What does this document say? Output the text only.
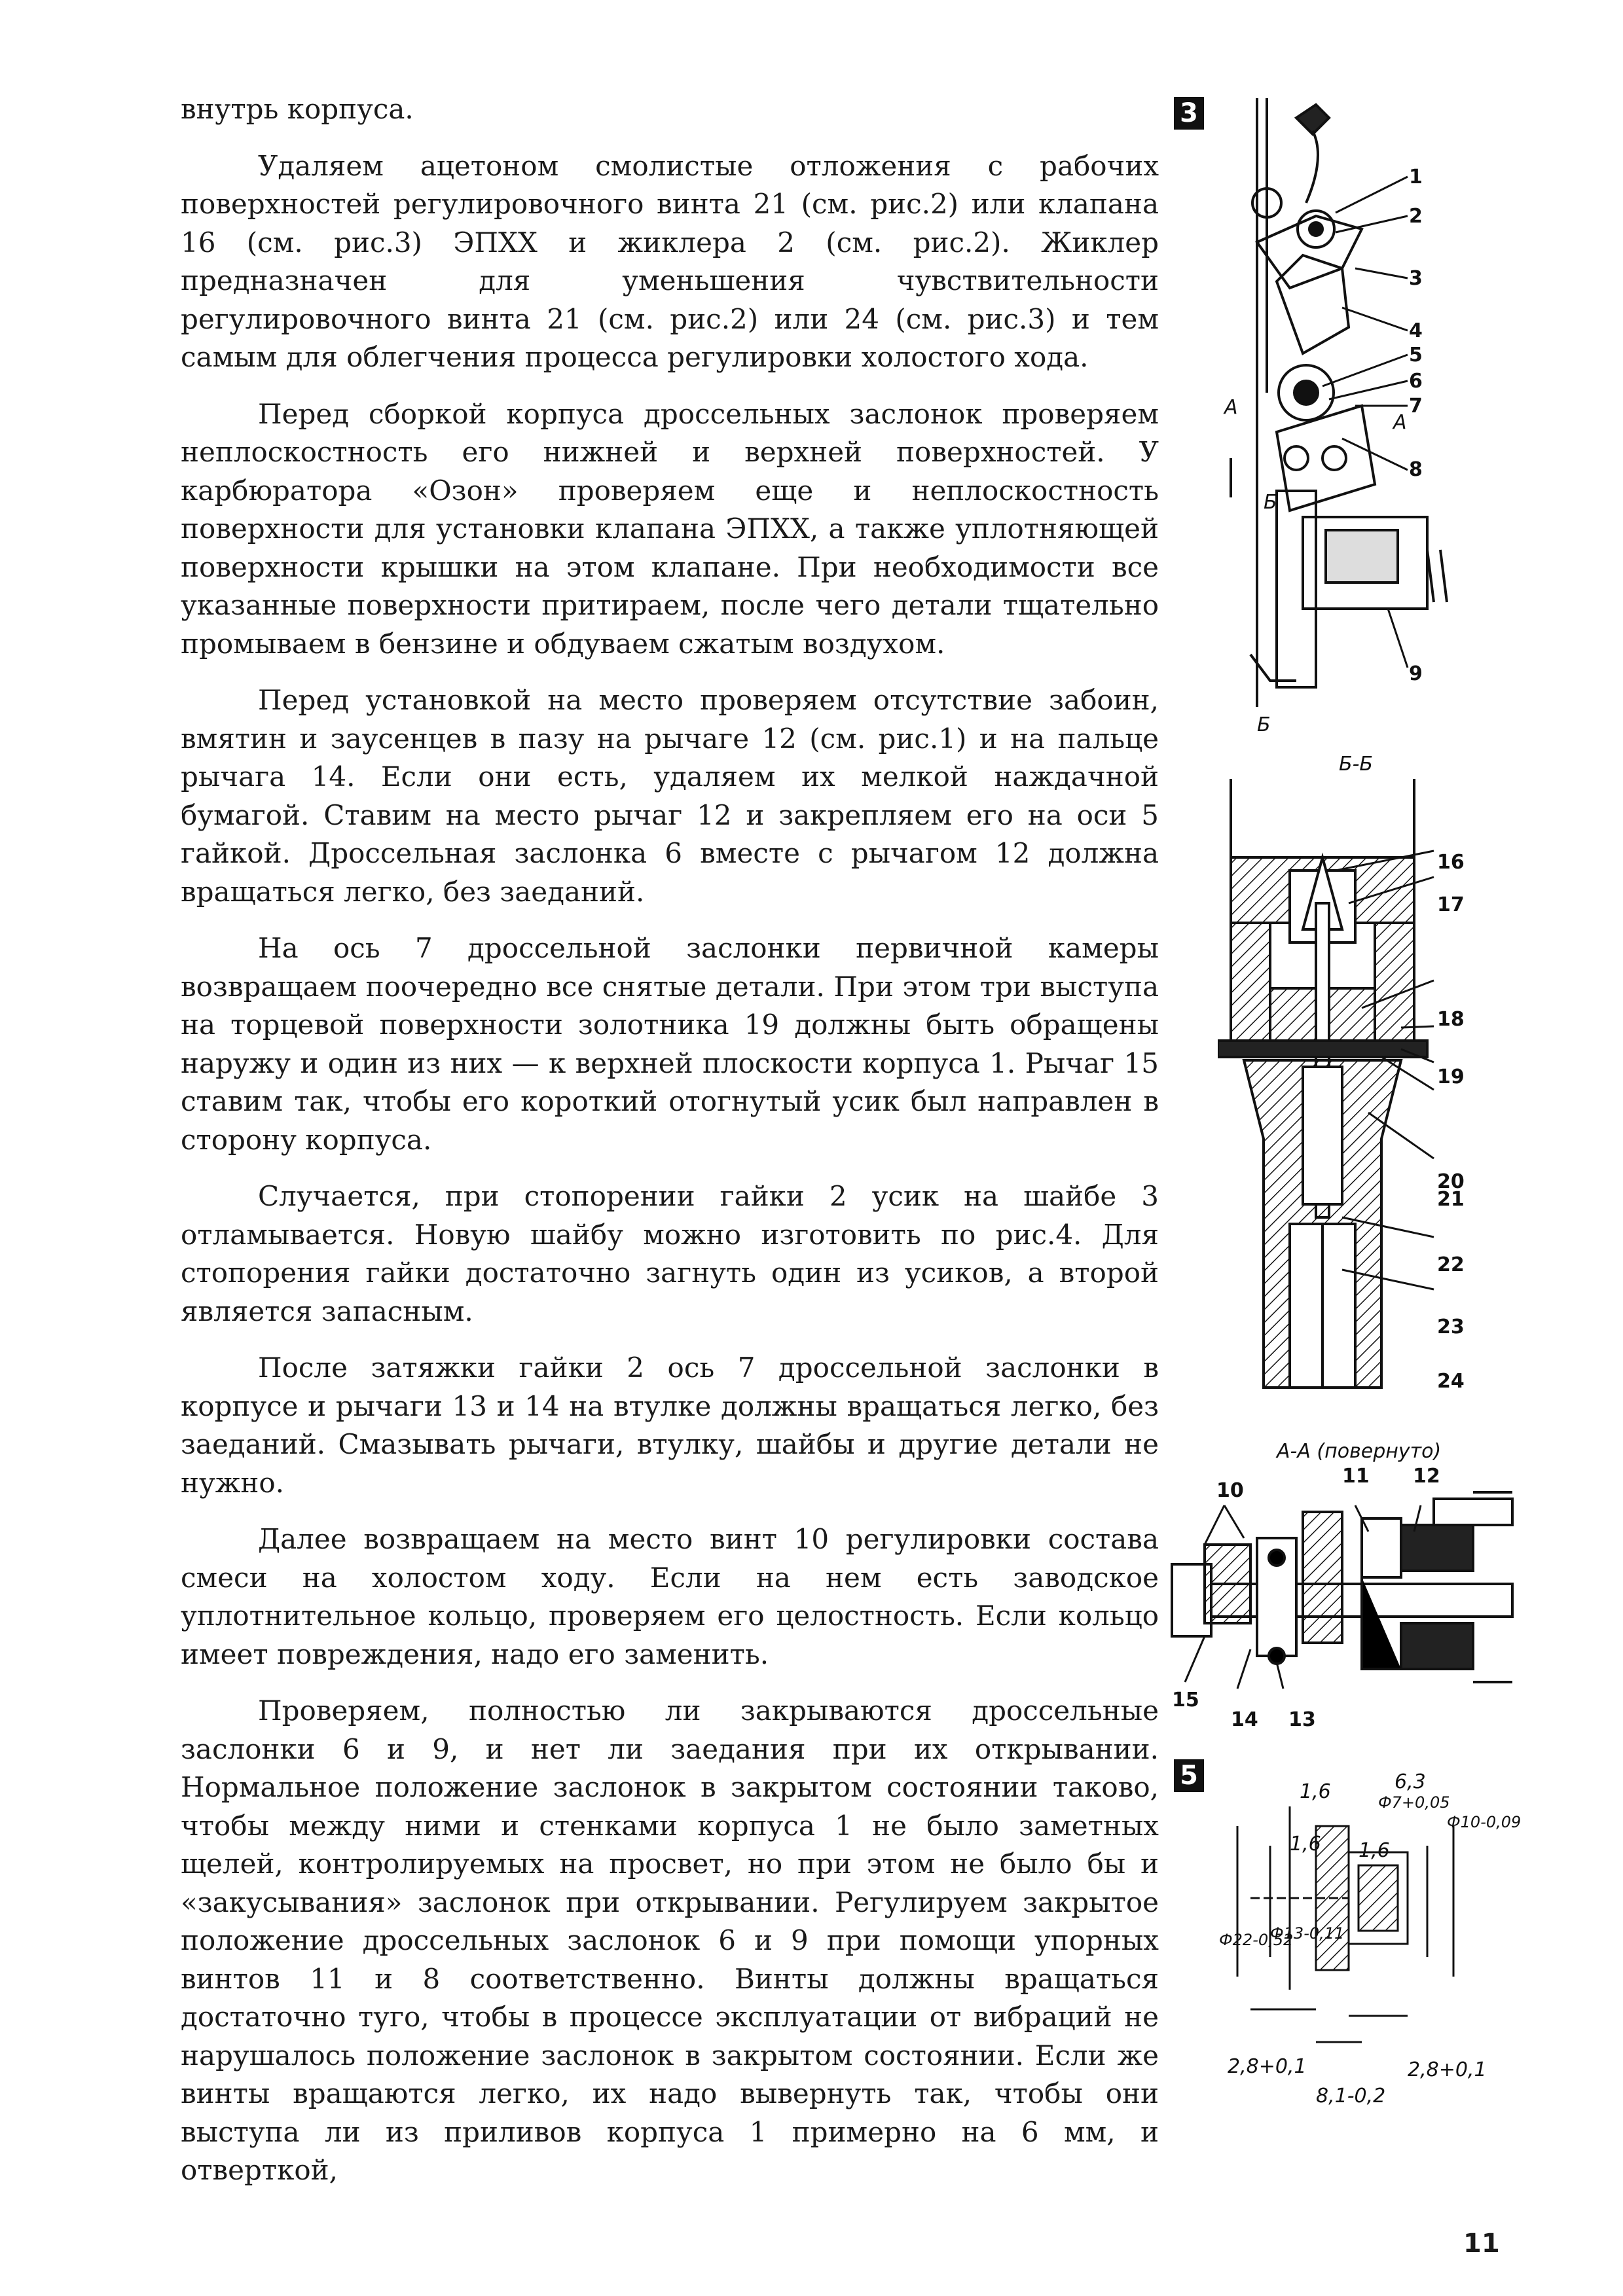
внутрь корпуса.

Удаляем ацетоном смолистые отложения с рабочих поверхностей регулировочного винта 21 (см. рис.2) или клапана 16 (см. рис.3) ЭПХХ и жиклера 2 (см. рис.2). Жиклер предназначен для уменьшения чувствительности регулировочного винта 21 (см. рис.2) или 24 (см. рис.3) и тем самым для облегчения процесса регулировки холостого хода.

Перед сборкой корпуса дроссельных заслонок проверяем неплоскостность его нижней и верхней поверхностей. У карбюратора «Озон» проверяем еще и неплоскостность поверхности для установки клапана ЭПХХ, а также уплотняющей поверхности крышки на этом клапане. При необходимости все указанные поверхности притираем, после чего детали тщательно промываем в бензине и обдуваем сжатым воздухом.

Перед установкой на место проверяем отсутствие забоин, вмятин и заусенцев в пазу на рычаге 12 (см. рис.1) и на пальце рычага 14. Если они есть, удаляем их мелкой наждачной бумагой. Ставим на место рычаг 12 и закрепляем его на оси 5 гайкой. Дроссельная заслонка 6 вместе с рычагом 12 должна вращаться легко, без заеданий.

На ось 7 дроссельной заслонки первичной камеры возвращаем поочередно все снятые детали. При этом три выступа на торцевой поверхности золотника 19 должны быть обращены наружу и один из них — к верхней плоскости корпуса 1. Рычаг 15 ставим так, чтобы его короткий отогнутый усик был направлен в сторону корпуса.

Случается, при стопорении гайки 2 усик на шайбе 3 отламывается. Новую шайбу можно изготовить по рис.4. Для стопорения гайки достаточно загнуть один из усиков, а второй является запасным.

После затяжки гайки 2 ось 7 дроссельной заслонки в корпусе и рычаги 13 и 14 на втулке должны вращаться легко, без заеданий. Смазывать рычаги, втулку, шайбы и другие детали не нужно.

Далее возвращаем на место винт 10 регулировки состава смеси на холостом ходу. Если на нем есть заводское уплотнительное кольцо, проверяем его целостность. Если кольцо имеет повреждения, надо его заменить.

Проверяем, полностью ли закрываются дроссельные заслонки 6 и 9, и нет ли заедания при их открывании. Нормальное положение заслонок в закрытом состоянии таково, чтобы между ними и стенками корпуса 1 не было заметных щелей, контролируемых на просвет, но при этом не было бы и «закусывания» заслонок при открывании. Регулируем закрытое положение дроссельных заслонок 6 и 9 при помощи упорных винтов 11 и 8 соответственно. Винты должны вращаться достаточно туго, чтобы в процессе эксплуатации от вибраций не нарушалось положение заслонок в закрытом состоянии. Если же винты вращаются легко, их надо вывернуть так, чтобы они выступа ли из приливов корпуса 1 примерно на 6 мм, и отверткой,

3
1
2
3
4
5
6
7
8
9
A
A
Б
Б
Б-Б
16
17
18
19
20
21
22
23
24
А-А (повернуто)
10
11 12
15
14 13
5
1,6
1,6 1,6
6,3
Ф7+0,05
Ф10-0,09
Ф22-0,52
Ф13-0,11
2,8+0,1	2,8+0,1
8,1-0,2
11
